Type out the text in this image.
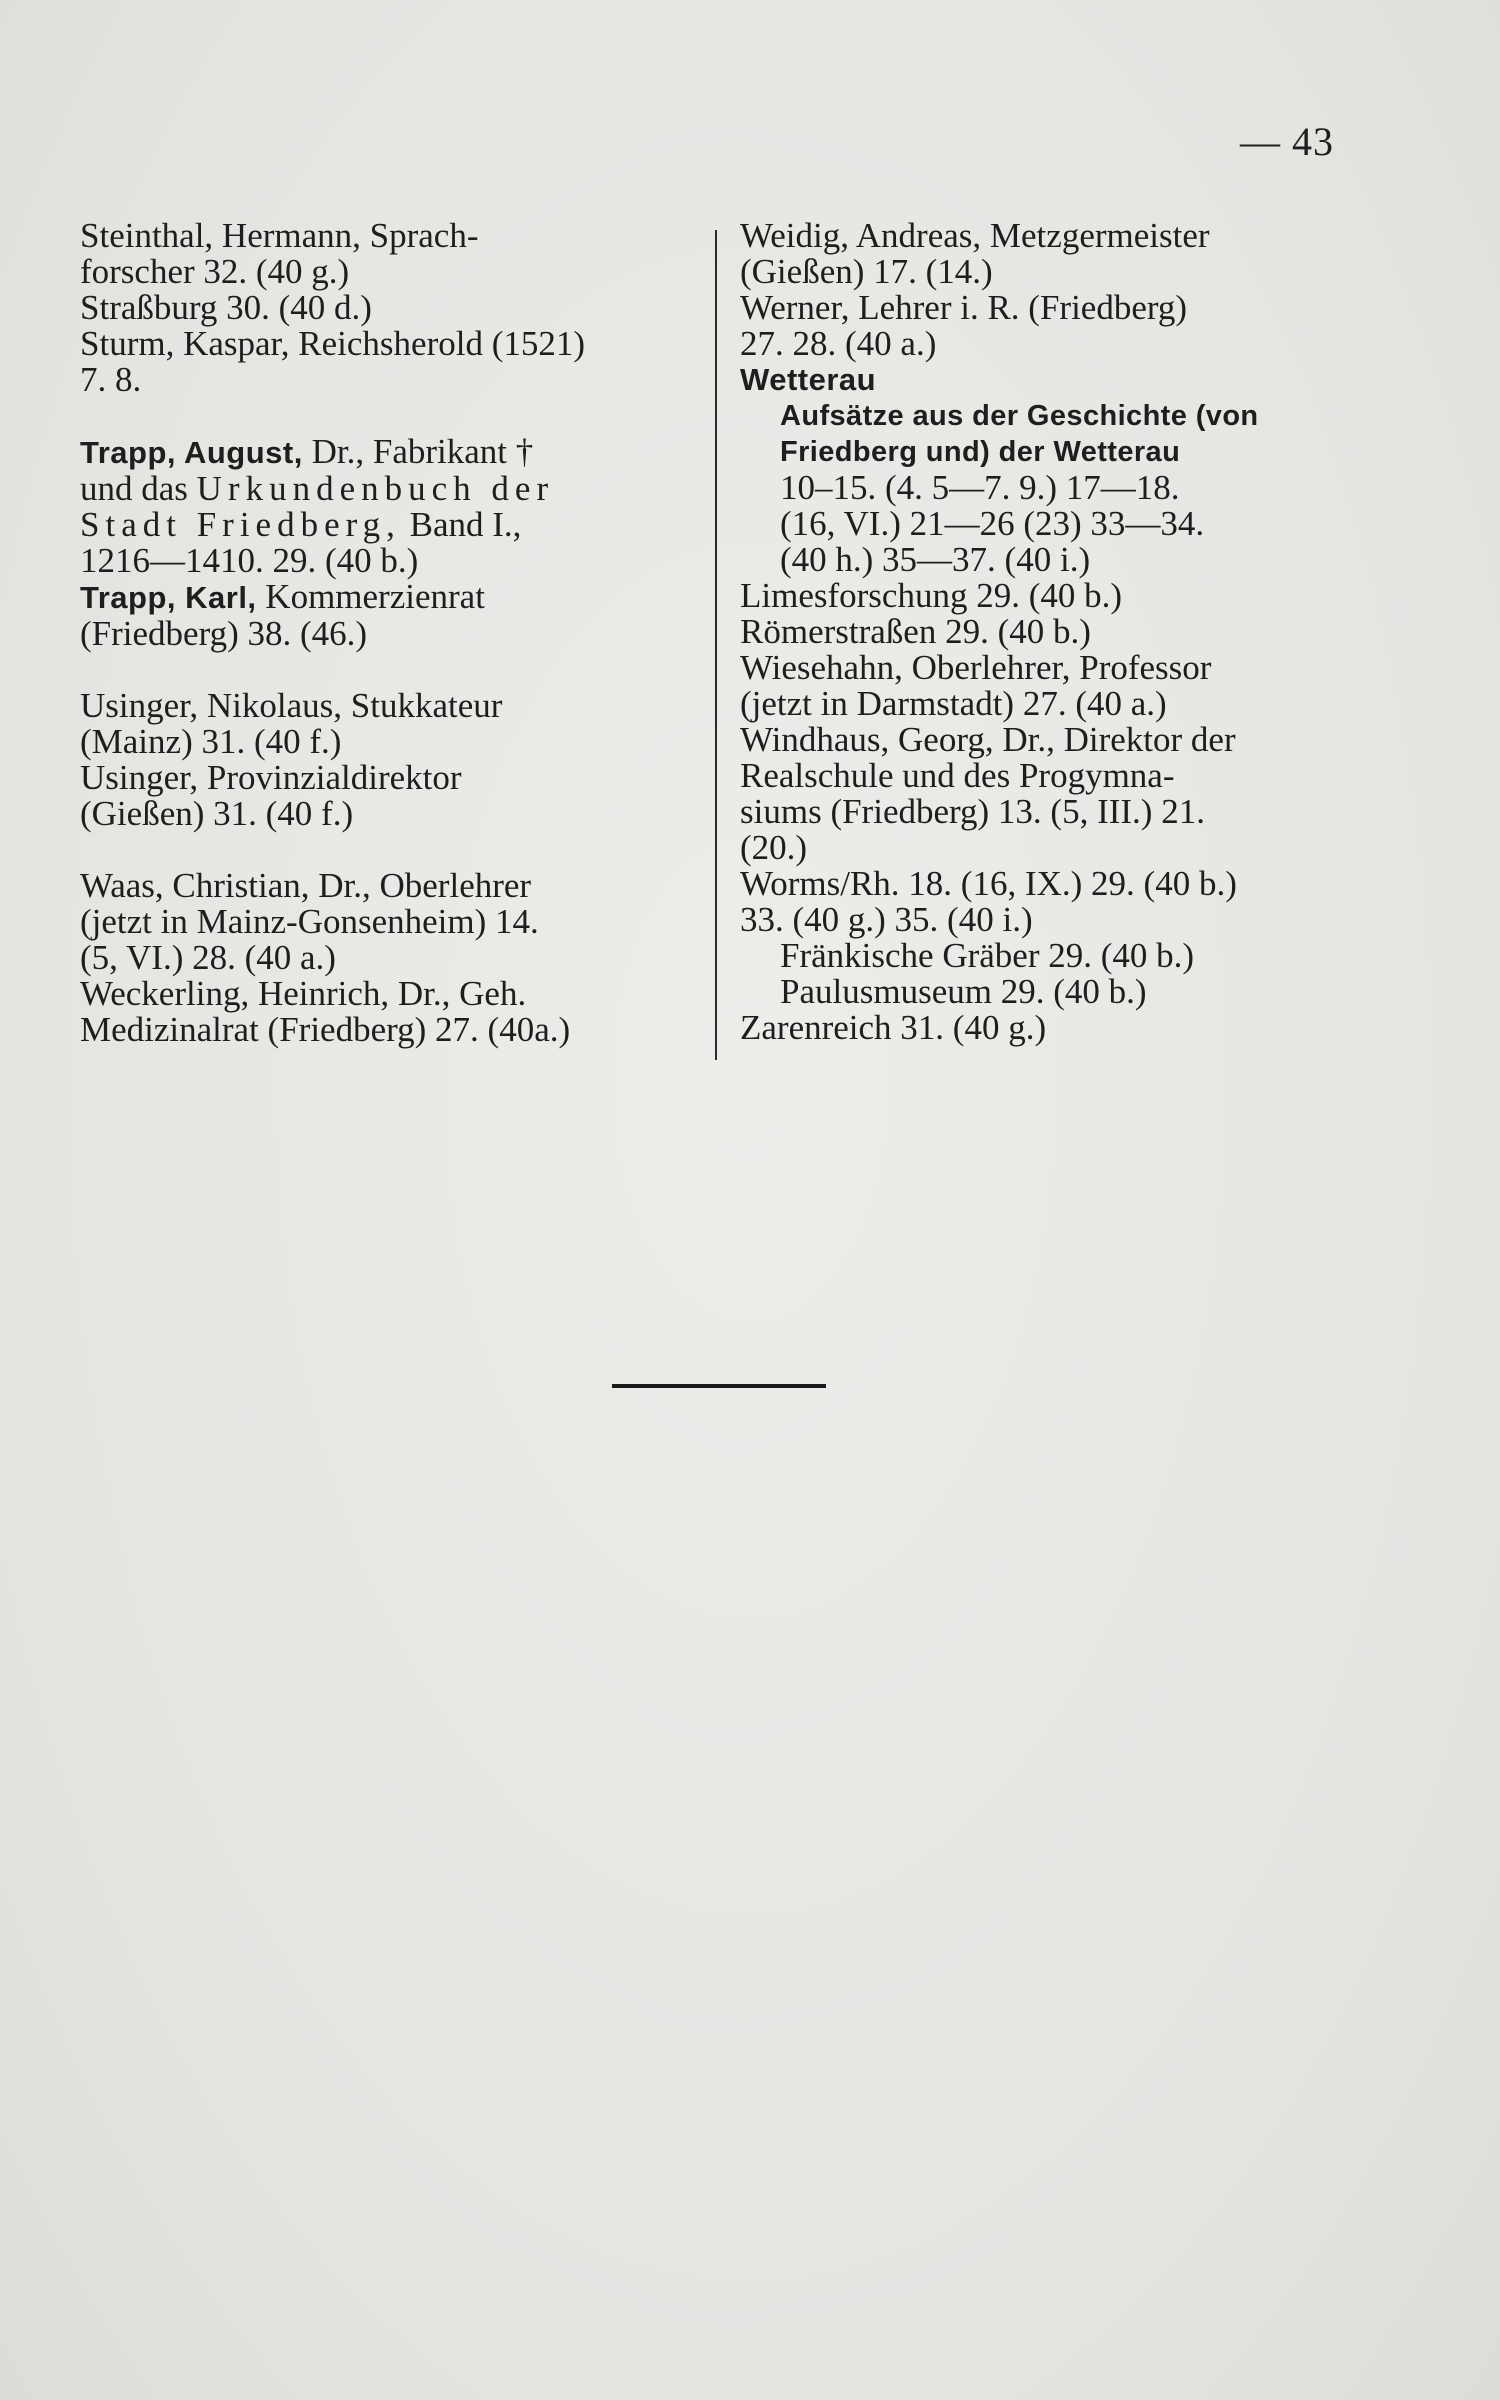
— 43
Steinthal, Hermann, Sprach-
forscher 32. (40 g.)
Straßburg 30. (40 d.)
Sturm, Kaspar, Reichsherold (1521)
7. 8.
Trapp, August, Dr., Fabrikant †
und das Urkundenbuch der
Stadt Friedberg, Band I.,
1216—1410. 29. (40 b.)
Trapp, Karl, Kommerzienrat
(Friedberg) 38. (46.)
Usinger, Nikolaus, Stukkateur
(Mainz) 31. (40 f.)
Usinger, Provinzialdirektor
(Gießen) 31. (40 f.)
Waas, Christian, Dr., Oberlehrer
(jetzt in Mainz-Gonsenheim) 14.
(5, VI.) 28. (40 a.)
Weckerling, Heinrich, Dr., Geh.
Medizinalrat (Friedberg) 27. (40a.)
Weidig, Andreas, Metzgermeister
(Gießen) 17. (14.)
Werner, Lehrer i. R. (Friedberg)
27. 28. (40 a.)
Wetterau
Aufsätze aus der Geschichte (von
Friedberg und) der Wetterau
10–15. (4. 5—7. 9.) 17—18.
(16, VI.) 21—26 (23) 33—34.
(40 h.) 35—37. (40 i.)
Limesforschung 29. (40 b.)
Römerstraßen 29. (40 b.)
Wiesehahn, Oberlehrer, Professor
(jetzt in Darmstadt) 27. (40 a.)
Windhaus, Georg, Dr., Direktor der
Realschule und des Progymna-
siums (Friedberg) 13. (5, III.) 21.
(20.)
Worms/Rh. 18. (16, IX.) 29. (40 b.)
33. (40 g.) 35. (40 i.)
Fränkische Gräber 29. (40 b.)
Paulusmuseum 29. (40 b.)
Zarenreich 31. (40 g.)
